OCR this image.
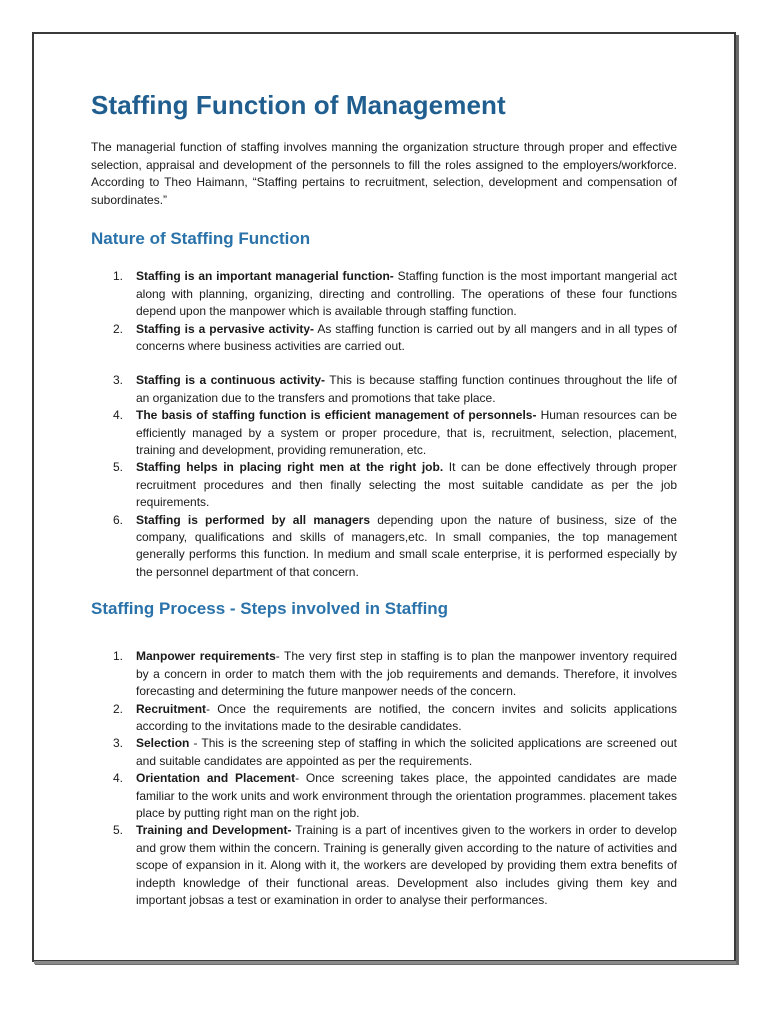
Staffing Function of Management

The managerial function of staffing involves manning the organization structure through proper and effective selection, appraisal and development of the personnels to fill the roles assigned to the employers/workforce. According to Theo Haimann, “Staffing pertains to recruitment, selection, development and compensation of subordinates.”

Nature of Staffing Function
1.	Staffing is an important managerial function- Staffing function is the most important mangerial act along with planning, organizing, directing and controlling. The operations of these four functions depend upon the manpower which is available through staffing function.
2.	Staffing is a pervasive activity- As staffing function is carried out by all mangers and in all types of concerns where business activities are carried out.
3.	Staffing is a continuous activity- This is because staffing function continues throughout the life of an organization due to the transfers and promotions that take place.
4.	The basis of staffing function is efficient management of personnels- Human resources can be efficiently managed by a system or proper procedure, that is, recruitment, selection, placement, training and development, providing remuneration, etc.
5.	Staffing helps in placing right men at the right job. It can be done effectively through proper recruitment procedures and then finally selecting the most suitable candidate as per the job requirements.
6.	Staffing is performed by all managers depending upon the nature of business, size of the company, qualifications and skills of managers,etc. In small companies, the top management generally performs this function. In medium and small scale enterprise, it is performed especially by the personnel department of that concern.
Staffing Process - Steps involved in Staffing
1.	Manpower requirements- The very first step in staffing is to plan the manpower inventory required by a concern in order to match them with the job requirements and demands. Therefore, it involves forecasting and determining the future manpower needs of the concern.
2.	Recruitment- Once the requirements are notified, the concern invites and solicits applications according to the invitations made to the desirable candidates.
3.	Selection - This is the screening step of staffing in which the solicited applications are screened out and suitable candidates are appointed as per the requirements.
4.	Orientation and Placement- Once screening takes place, the appointed candidates are made familiar to the work units and work environment through the orientation programmes. placement takes place by putting right man on the right job.
5.	Training and Development- Training is a part of incentives given to the workers in order to develop and grow them within the concern. Training is generally given according to the nature of activities and scope of expansion in it. Along with it, the workers are developed by providing them extra benefits of indepth knowledge of their functional areas. Development also includes giving them key and important jobsas a test or examination in order to analyse their performances.
